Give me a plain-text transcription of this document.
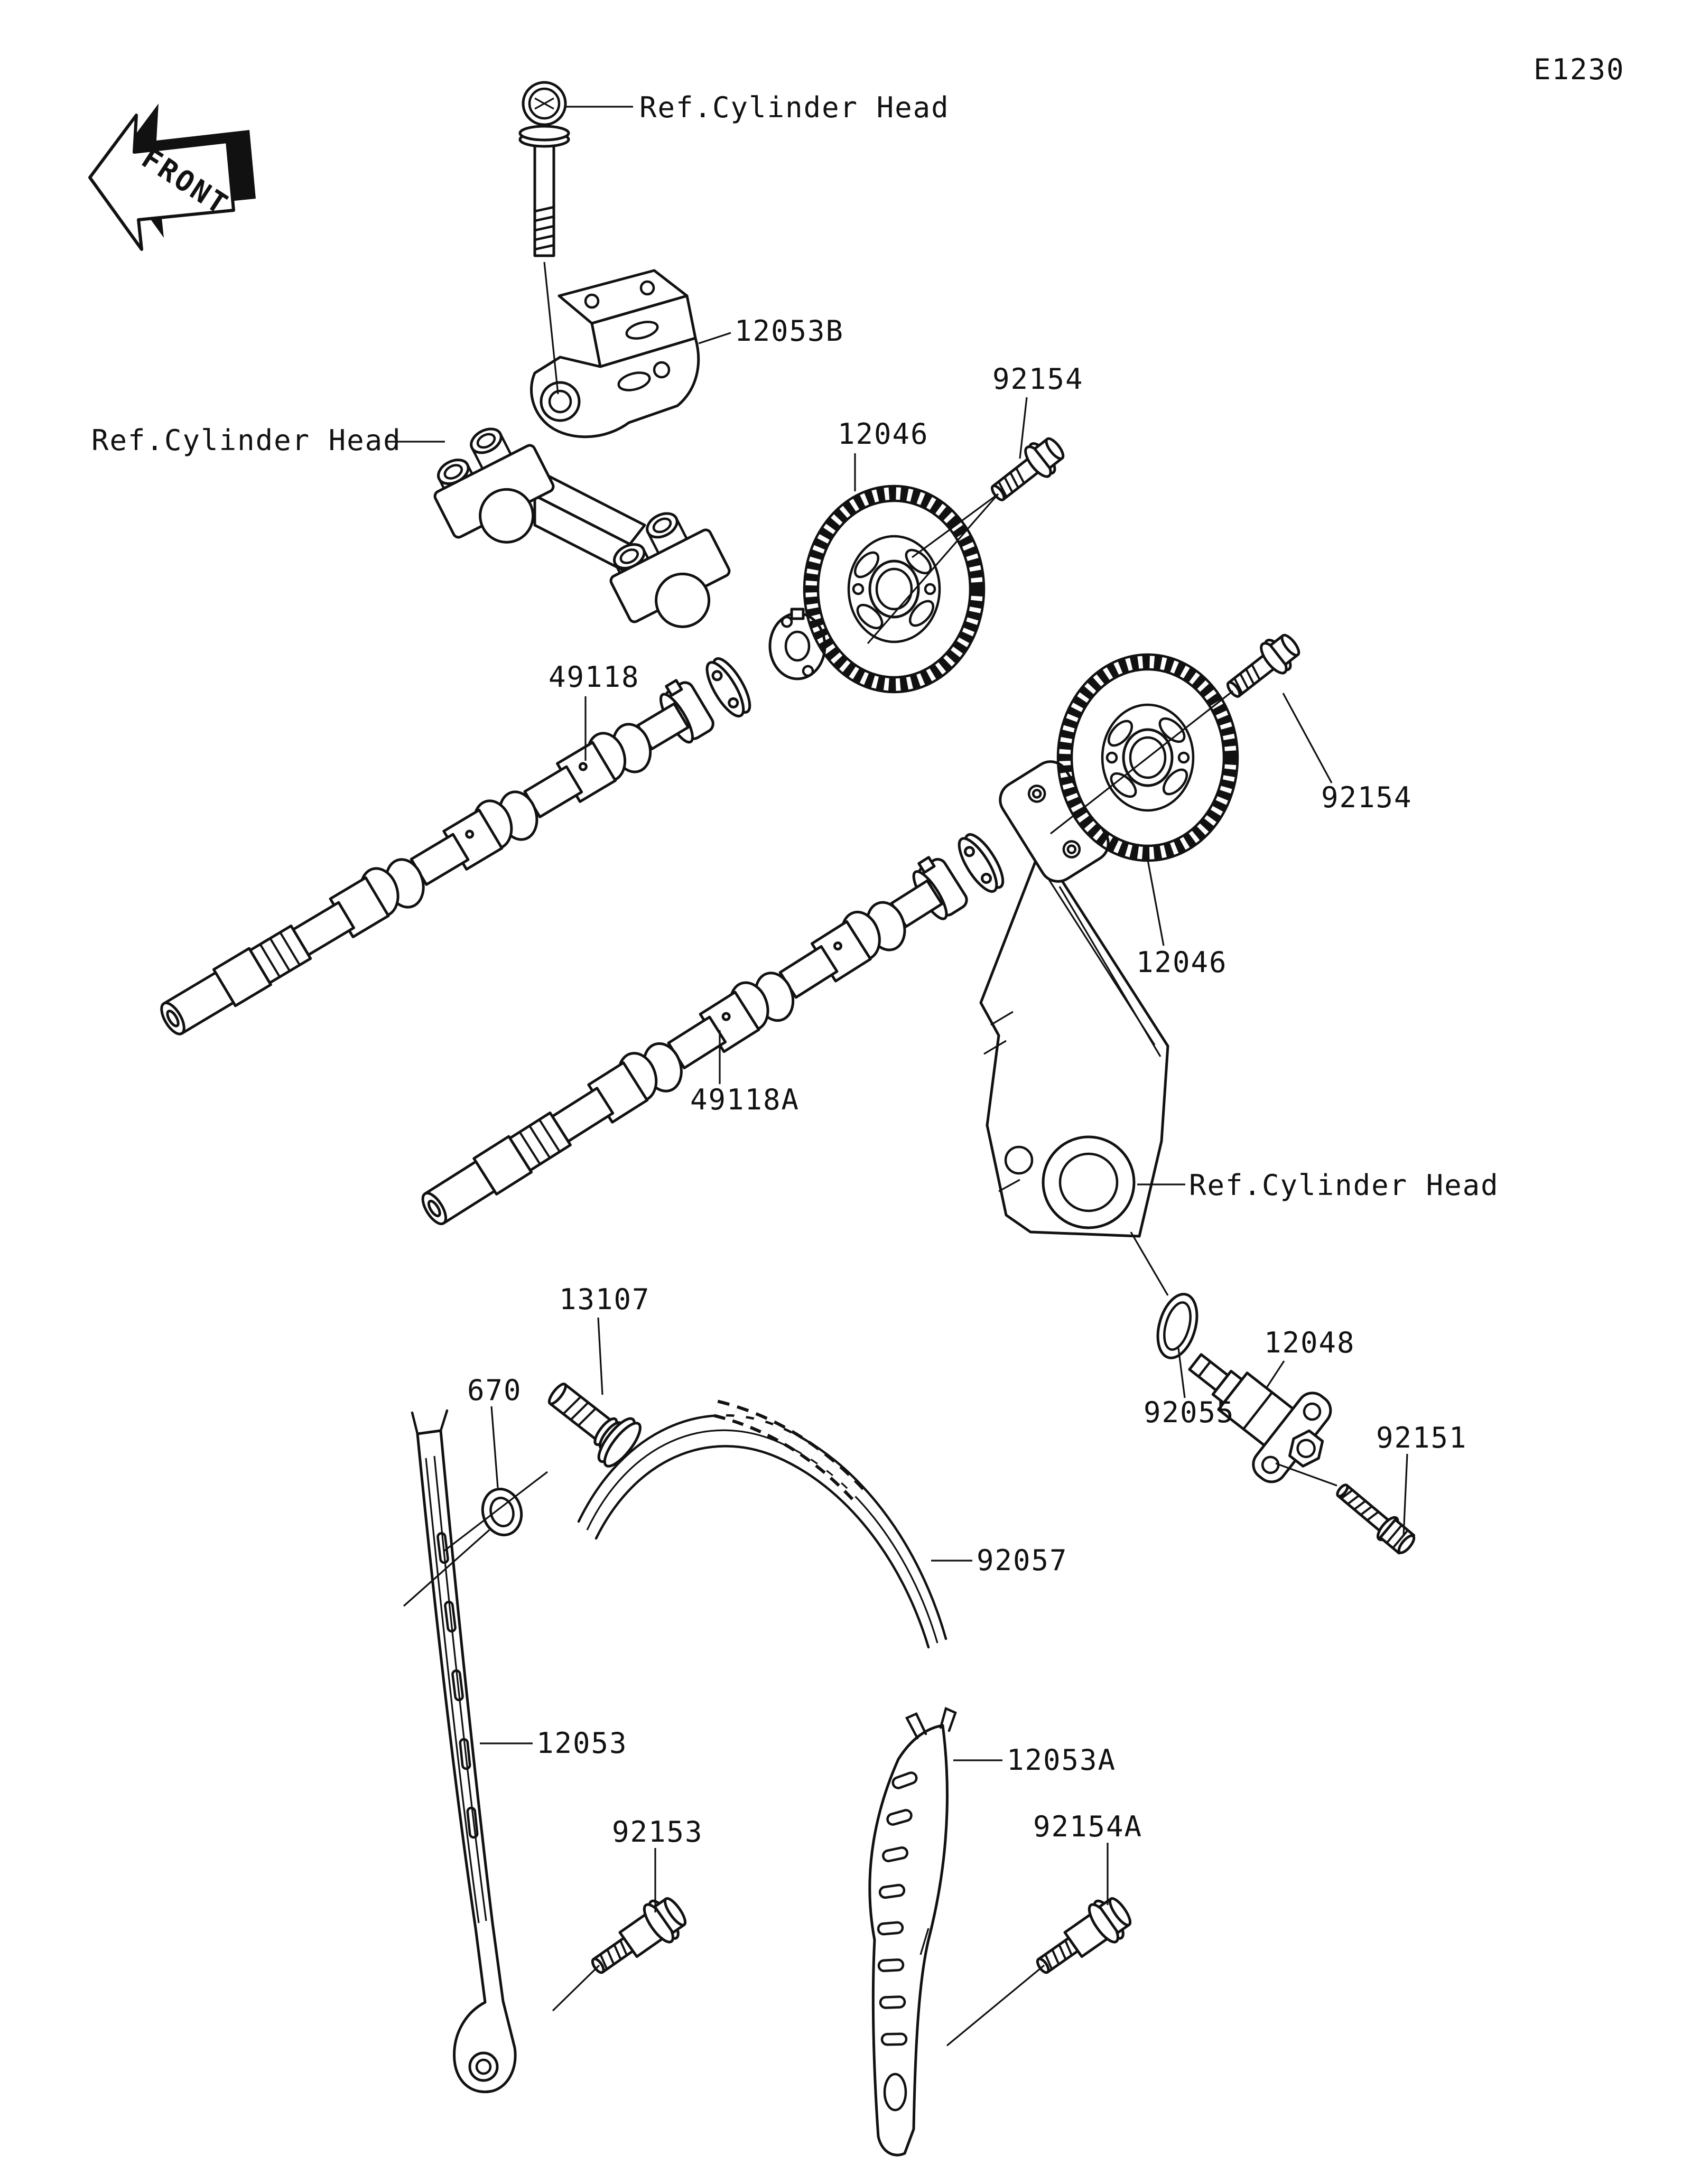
FRONT
E1230
Ref.Cylinder Head
Ref.Cylinder Head
Ref.Cylinder Head
12053B
92154
12046
49118
92154
12046
49118A
13107
670
12048
92055
92151
92057
12053
92153
12053A
92154A
